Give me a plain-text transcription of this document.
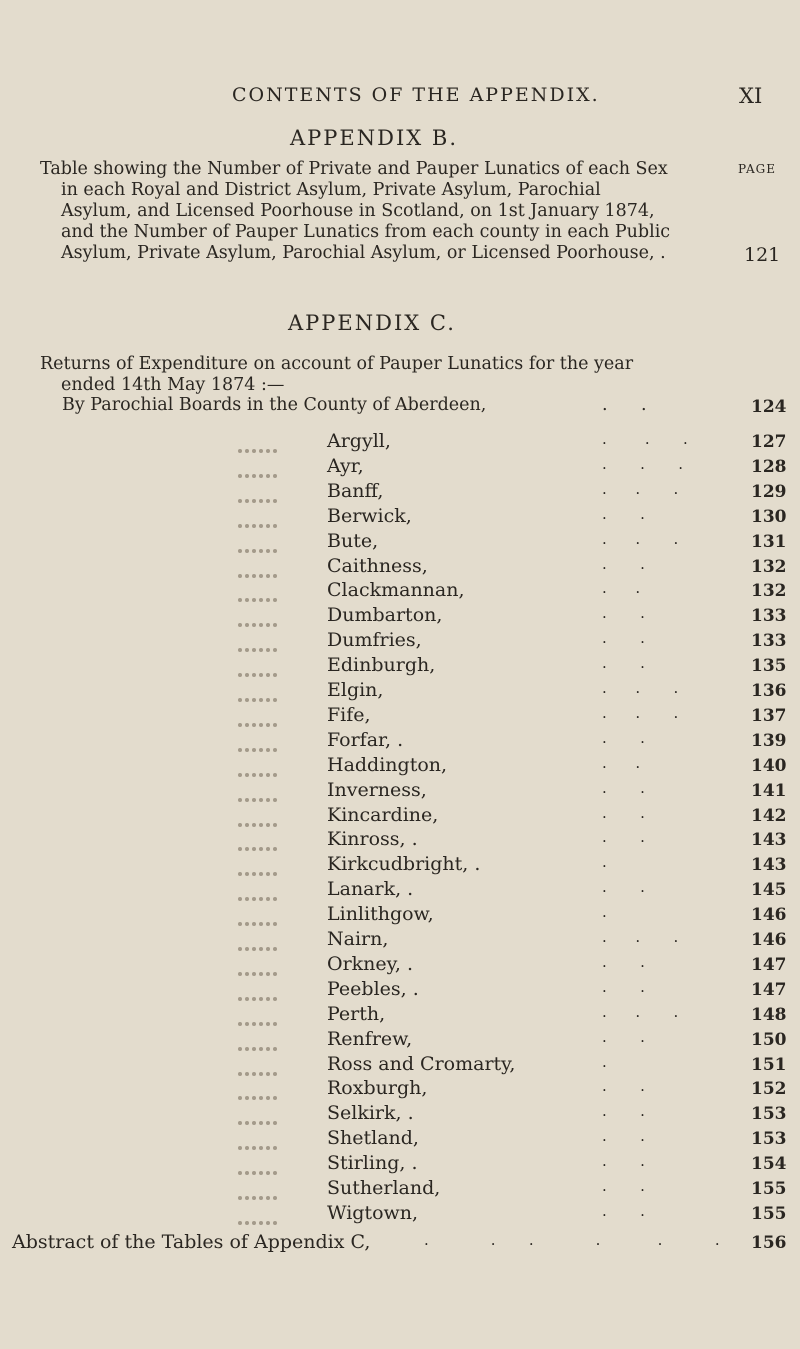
CONTENTS OF THE APPENDIX.	XI
APPENDIX B.
PAGE
Table showing the Number of Private and Pauper Lunatics of each Sex
in each Royal and District Asylum, Private Asylum, Parochial
Asylum, and Licensed Poorhouse in Scotland, on 1st January 1874,
and the Number of Pauper Lunatics from each county in each Public
Asylum, Private Asylum, Parochial Asylum, or Licensed Poorhouse, .	121
APPENDIX C.
Returns of Expenditure on account of Pauper Lunatics for the year
ended 14th May 1874 :—
By Parochial Boards in the County of Aberdeen,	.      .	124
Argyll,	.        .       .	127
Ayr,	.       .       .	128
Banff,	.      .       .	129
Berwick,	.       .	130
Bute,	.      .       .	131
Caithness,	.       .	132
Clackmannan,	.      .	132
Dumbarton,	.       .	133
Dumfries,	.       .	133
Edinburgh,	.       .	135
Elgin,	.      .       .	136
Fife,	.      .       .	137
Forfar, .	.       .	139
Haddington,	.      .	140
Inverness,	.       .	141
Kincardine,	.       .	142
Kinross, .	.       .	143
Kirkcudbright, .	.	143
Lanark, .	.       .	145
Linlithgow,	.	146
Nairn,	.      .       .	146
Orkney, .	.       .	147
Peebles, .	.       .	147
Perth,	.      .       .	148
Renfrew,	.       .	150
Ross and Cromarty,	.	151
Roxburgh,	.       .	152
Selkirk, .	.       .	153
Shetland,	.       .	153
Stirling, .	.       .	154
Sutherland,	.       .	155
Wigtown,	.       .	155
Abstract of the Tables of Appendix C,	.             .       .             .            .           . 156
